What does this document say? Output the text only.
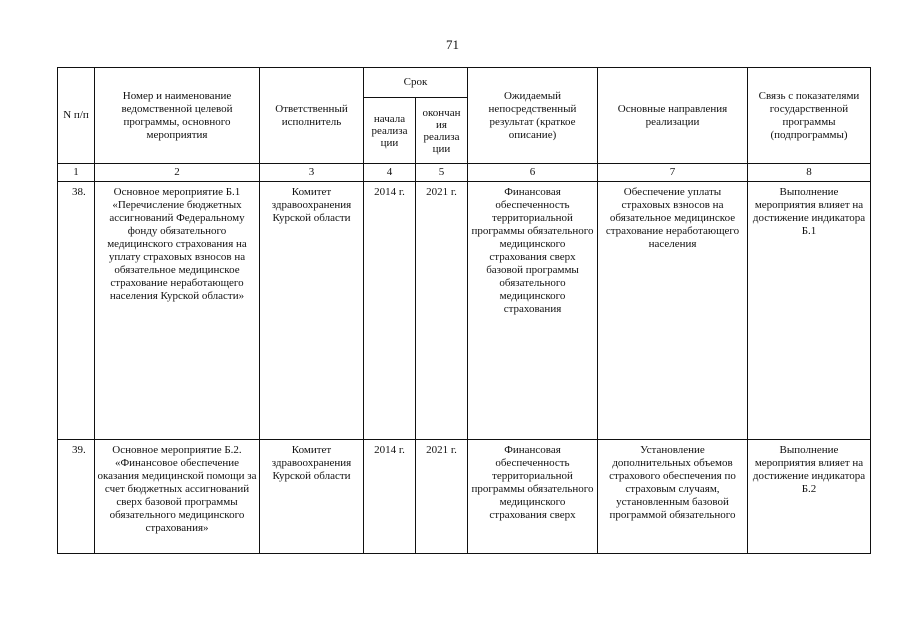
71
N п/п	Номер и наименование ведомственной целевой программы, основного мероприятия	Ответственный исполнитель	Срок		Ожидаемый непосредственный результат (краткое описание)	Основные направления реализации	Связь с показателями государственной программы (подпрограммы)
			начала реализа ции	окончан ия реализа ции			
1	2	3	4	5	6	7	8
38.	Основное мероприятие Б.1 «Перечисление бюджетных ассигнований Федеральному фонду обязательного медицинского страхования на уплату страховых взносов на обязательное медицинское страхование неработающего населения Курской области»	Комитет здравоохранения Курской области	2014 г.	2021 г.	Финансовая обеспеченность территориальной программы обязательного медицинского страхования сверх базовой программы обязательного медицинского страхования	Обеспечение уплаты страховых взносов на обязательное медицинское страхование неработающего населения	Выполнение мероприятия влияет на достижение индикатора Б.1
39.	Основное мероприятие Б.2. «Финансовое обеспечение оказания медицинской помощи за счет бюджетных ассигнований сверх базовой программы обязательного медицинского страхования»	Комитет здравоохранения Курской области	2014 г.	2021 г.	Финансовая обеспеченность территориальной программы обязательного медицинского страхования сверх	Установление дополнительных объемов страхового обеспечения по страховым случаям, установленным базовой программой обязательного	Выполнение мероприятия влияет на достижение индикатора Б.2
